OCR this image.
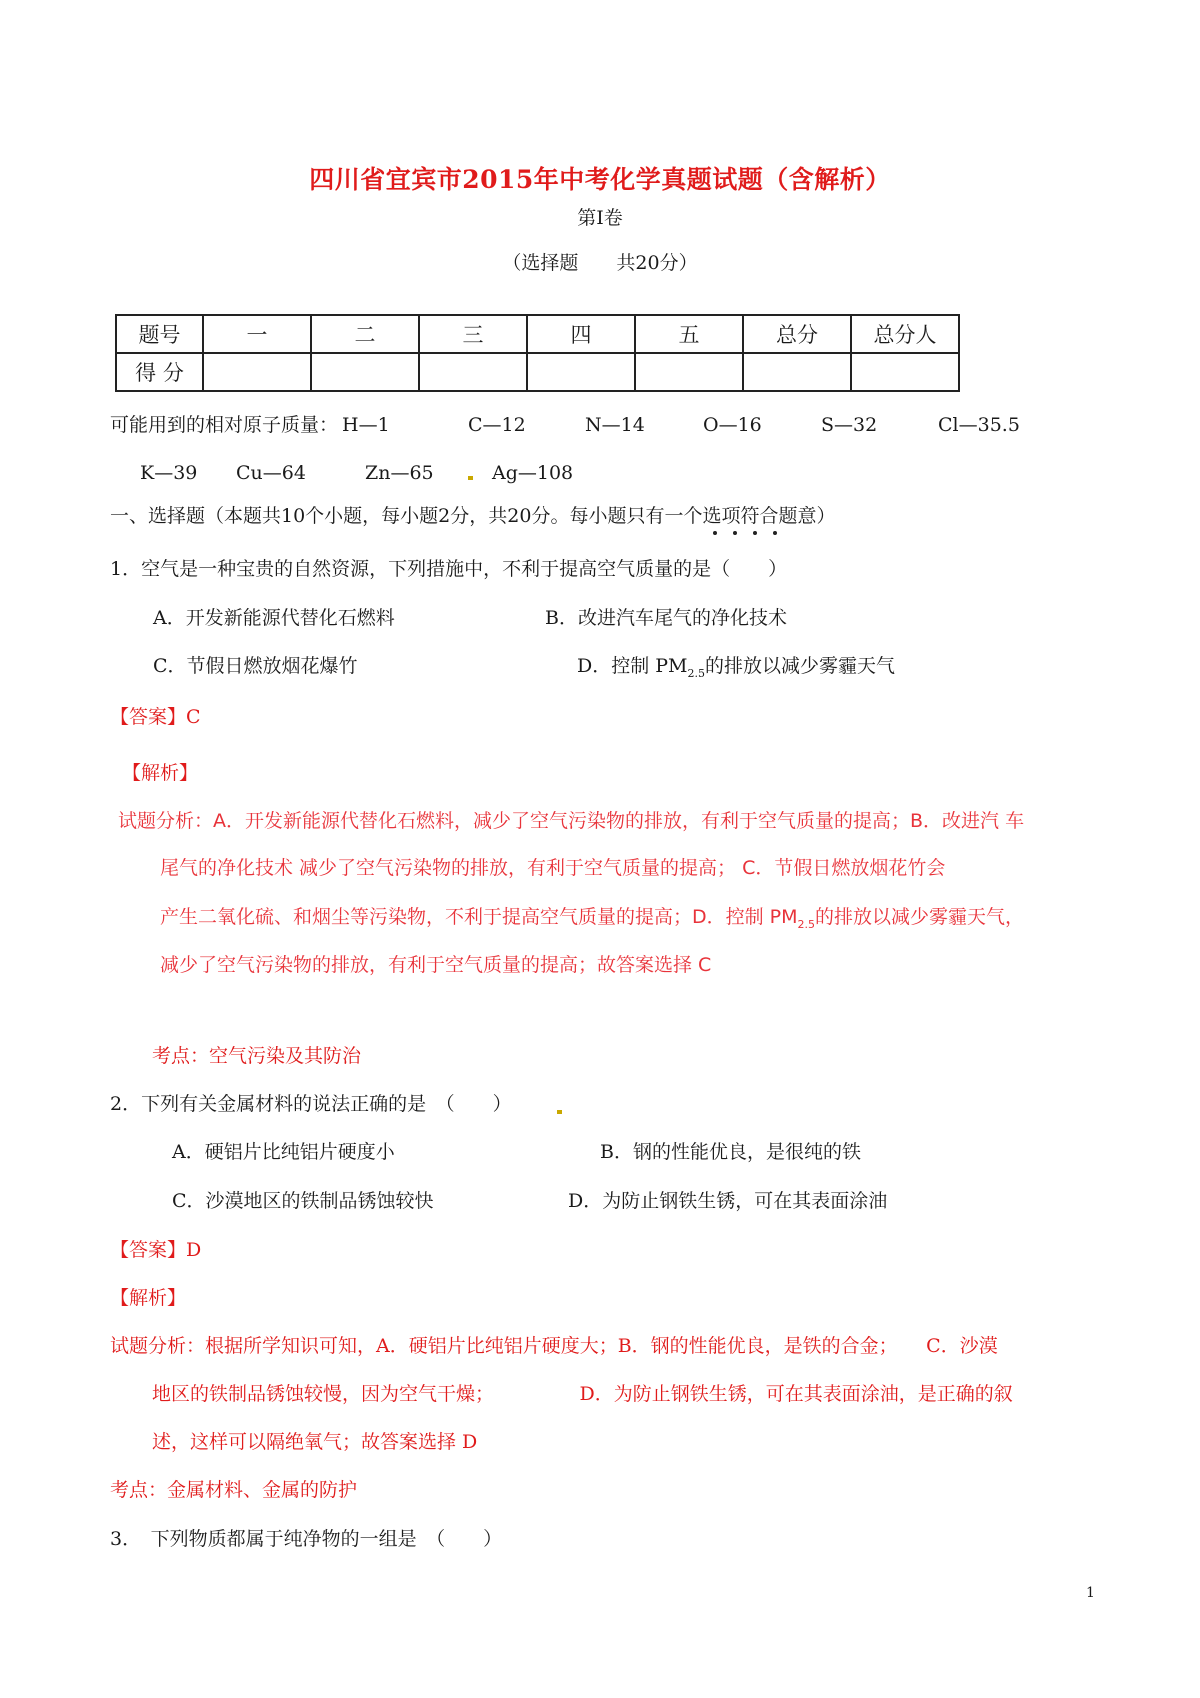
四川省宜宾市2015年中考化学真题试题（含解析）
第Ⅰ卷
（选择题　　共20分）
题号	一	二	三	四	五	总分	总分人
得 分							
可能用到的相对原子质量： H—1	C—12	N—14	O—16	S—32	Cl—35.5
K—39 Cu—64	Zn—65	Ag—108
一、选择题（本题共10个小题，每小题2分，共20分。每小题只有一个选项符合题意）
1．空气是一种宝贵的自然资源，下列措施中，不利于提高空气质量的是（　　）
A．开发新能源代替化石燃料	B．改进汽车尾气的净化技术
C．节假日燃放烟花爆竹	D．控制 $PM_{2.5}$的排放以减少雾霾天气
【答案】C
【解析】
试题分析：A．开发新能源代替化石燃料，减少了空气污染物的排放，有利于空气质量的提高；B．改进汽 车
尾气的净化技术 减少了空气污染物的排放，有利于空气质量的提高； C．节假日燃放烟花竹会
产生二氧化硫、和烟尘等污染物，不利于提高空气质量的提高；D．控制 $PM_{2.5}$的排放以减少雾霾天气，
减少了空气污染物的排放，有利于空气质量的提高；故答案选择 C
考点：空气污染及其防治
2．下列有关金属材料的说法正确的是　（　　）
A．硬铝片比纯铝片硬度小	B．钢的性能优良，是很纯的铁
C．沙漠地区的铁制品锈蚀较快	D．为防止钢铁生锈，可在其表面涂油
【答案】D
【解析】
试题分析：根据所学知识可知，A．硬铝片比纯铝片硬度大；B．钢的性能优良，是铁的合金；　　C．沙漠
地区的铁制品锈蚀较慢，因为空气干燥；　　　　　D．为防止钢铁生锈，可在其表面涂油，是正确的叙
述，这样可以隔绝氧气；故答案选择 D
考点：金属材料、金属的防护
3．　下列物质都属于纯净物的一组是　（　　）
1
